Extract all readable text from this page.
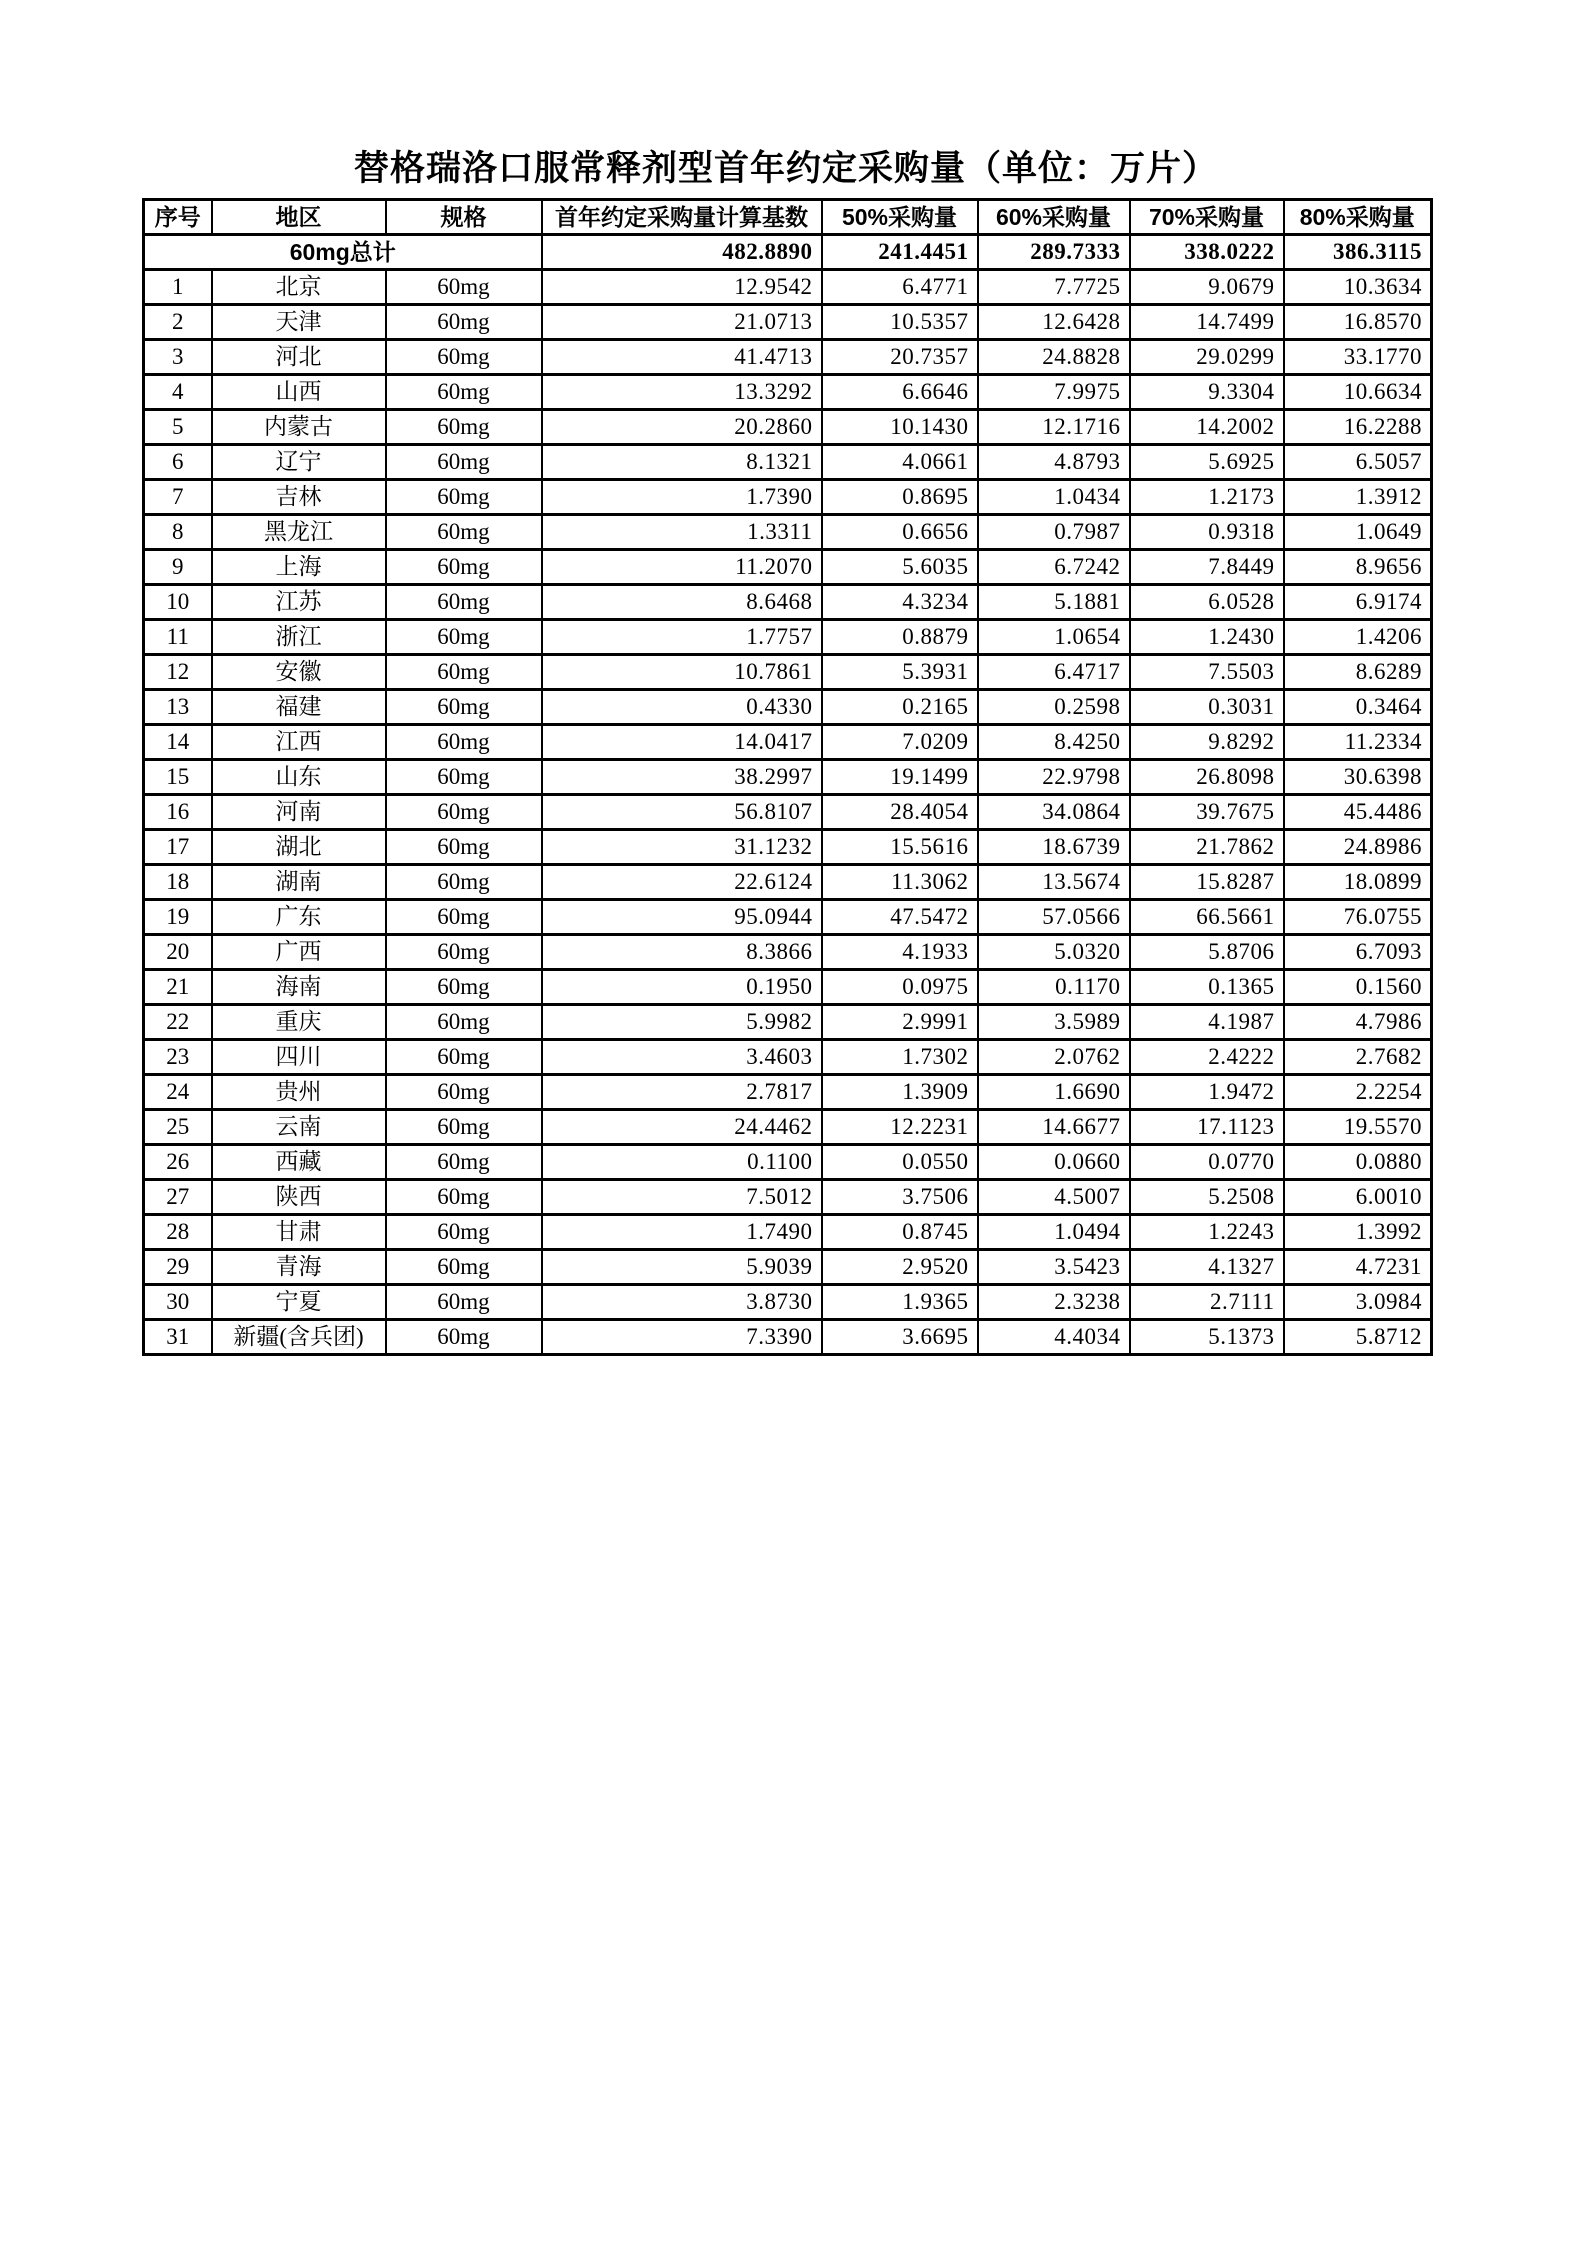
替格瑞洛口服常释剂型首年约定采购量（单位：万片）
序号	地区	规格	首年约定采购量计算基数	50%采购量	60%采购量	70%采购量	80%采购量
60mg总计			482.8890	241.4451	289.7333	338.0222	386.3115
1	北京	60mg	12.9542	6.4771	7.7725	9.0679	10.3634
2	天津	60mg	21.0713	10.5357	12.6428	14.7499	16.8570
3	河北	60mg	41.4713	20.7357	24.8828	29.0299	33.1770
4	山西	60mg	13.3292	6.6646	7.9975	9.3304	10.6634
5	内蒙古	60mg	20.2860	10.1430	12.1716	14.2002	16.2288
6	辽宁	60mg	8.1321	4.0661	4.8793	5.6925	6.5057
7	吉林	60mg	1.7390	0.8695	1.0434	1.2173	1.3912
8	黑龙江	60mg	1.3311	0.6656	0.7987	0.9318	1.0649
9	上海	60mg	11.2070	5.6035	6.7242	7.8449	8.9656
10	江苏	60mg	8.6468	4.3234	5.1881	6.0528	6.9174
11	浙江	60mg	1.7757	0.8879	1.0654	1.2430	1.4206
12	安徽	60mg	10.7861	5.3931	6.4717	7.5503	8.6289
13	福建	60mg	0.4330	0.2165	0.2598	0.3031	0.3464
14	江西	60mg	14.0417	7.0209	8.4250	9.8292	11.2334
15	山东	60mg	38.2997	19.1499	22.9798	26.8098	30.6398
16	河南	60mg	56.8107	28.4054	34.0864	39.7675	45.4486
17	湖北	60mg	31.1232	15.5616	18.6739	21.7862	24.8986
18	湖南	60mg	22.6124	11.3062	13.5674	15.8287	18.0899
19	广东	60mg	95.0944	47.5472	57.0566	66.5661	76.0755
20	广西	60mg	8.3866	4.1933	5.0320	5.8706	6.7093
21	海南	60mg	0.1950	0.0975	0.1170	0.1365	0.1560
22	重庆	60mg	5.9982	2.9991	3.5989	4.1987	4.7986
23	四川	60mg	3.4603	1.7302	2.0762	2.4222	2.7682
24	贵州	60mg	2.7817	1.3909	1.6690	1.9472	2.2254
25	云南	60mg	24.4462	12.2231	14.6677	17.1123	19.5570
26	西藏	60mg	0.1100	0.0550	0.0660	0.0770	0.0880
27	陕西	60mg	7.5012	3.7506	4.5007	5.2508	6.0010
28	甘肃	60mg	1.7490	0.8745	1.0494	1.2243	1.3992
29	青海	60mg	5.9039	2.9520	3.5423	4.1327	4.7231
30	宁夏	60mg	3.8730	1.9365	2.3238	2.7111	3.0984
31	新疆(含兵团)	60mg	7.3390	3.6695	4.4034	5.1373	5.8712
